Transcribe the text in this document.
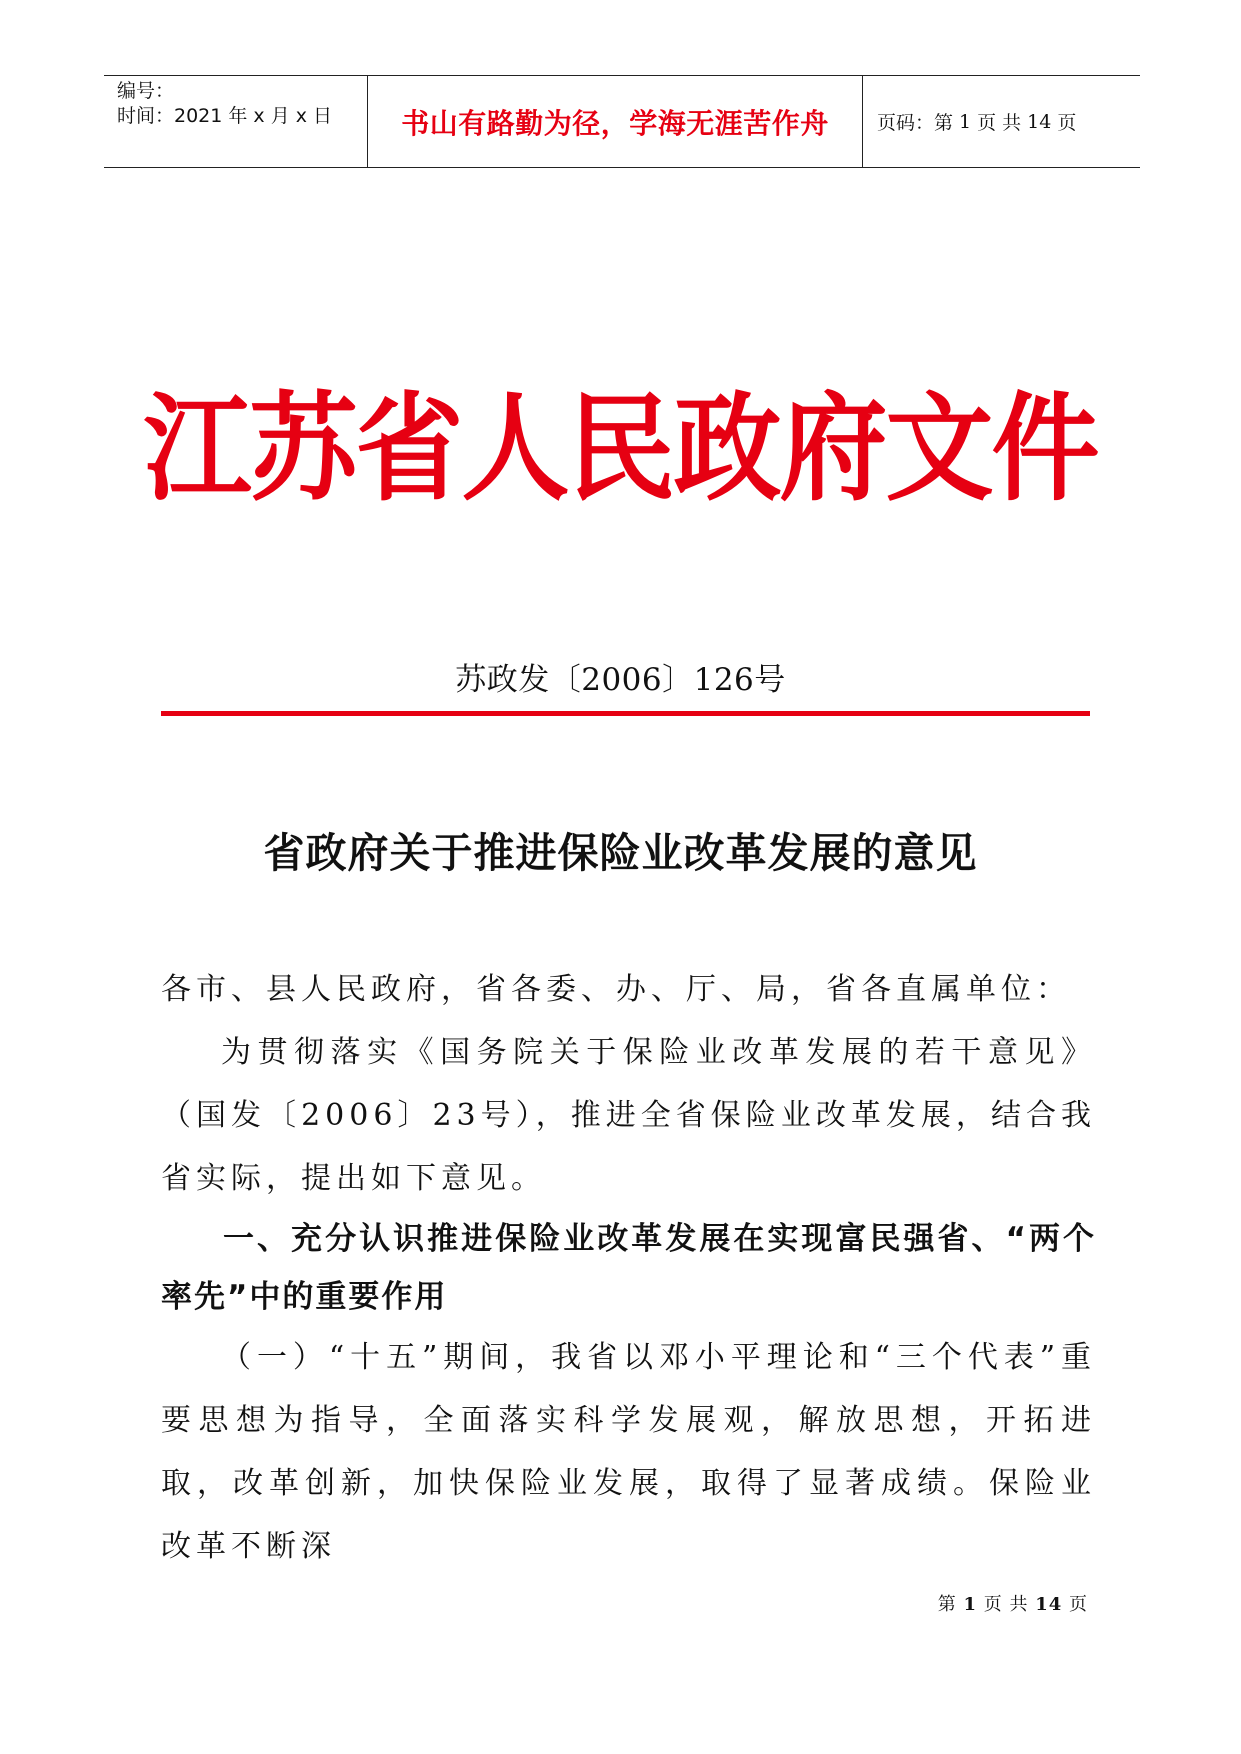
编号：
时间：2021 年 x 月 x 日	书山有路勤为径，学海无涯苦作舟	页码：第 1 页 共 14 页
江苏省人民政府文件
苏政发〔2006〕126号
省政府关于推进保险业改革发展的意见

各市、县人民政府，省各委、办、厅、局，省各直属单位：

为贯彻落实《国务院关于保险业改革发展的若干意见》（国发〔2006〕23号），推进全省保险业改革发展，结合我省实际，提出如下意见。

一、充分认识推进保险业改革发展在实现富民强省、“两个率先”中的重要作用

（一）“十五”期间，我省以邓小平理论和“三个代表”重要思想为指导，全面落实科学发展观，解放思想，开拓进取，改革创新，加快保险业发展，取得了显著成绩。保险业改革不断深

第 1 页 共 14 页
